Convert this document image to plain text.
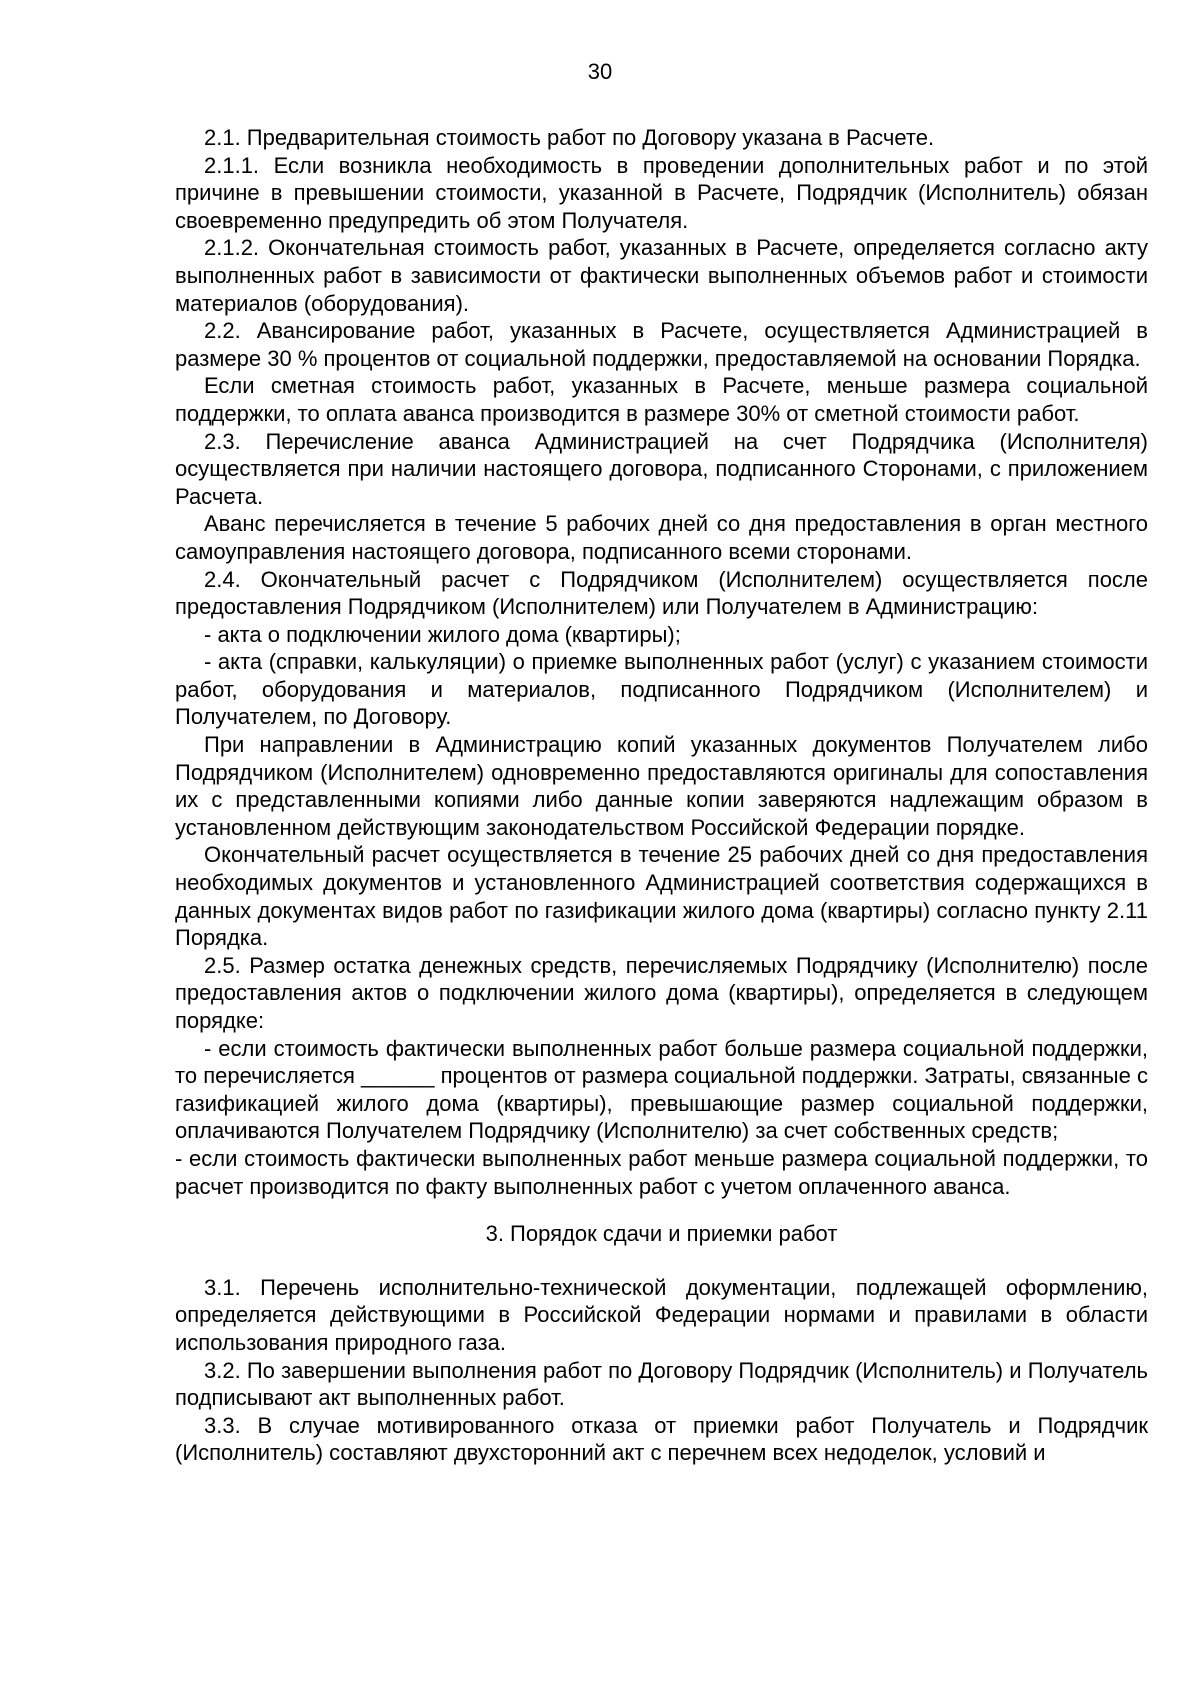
30

2.1. Предварительная стоимость работ по Договору указана в Расчете.

2.1.1. Если возникла необходимость в проведении дополнительных работ и по этой причине в превышении стоимости, указанной в Расчете, Подрядчик (Исполнитель) обязан своевременно предупредить об этом Получателя.

2.1.2. Окончательная стоимость работ, указанных в Расчете, определяется согласно акту выполненных работ в зависимости от фактически выполненных объемов работ и стоимости материалов (оборудования).

2.2. Авансирование работ, указанных в Расчете, осуществляется Администрацией в размере 30 % процентов от социальной поддержки, предоставляемой на основании Порядка.

Если сметная стоимость работ, указанных в Расчете, меньше размера социальной поддержки, то оплата аванса производится в размере 30% от сметной стоимости работ.

2.3. Перечисление аванса Администрацией на счет Подрядчика (Исполнителя) осуществляется при наличии настоящего договора, подписанного Сторонами, с приложением Расчета.

Аванс перечисляется в течение 5 рабочих дней со дня предоставления в орган местного самоуправления настоящего договора, подписанного всеми сторонами.

2.4. Окончательный расчет с Подрядчиком (Исполнителем) осуществляется после предоставления Подрядчиком (Исполнителем) или Получателем в Администрацию:

- акта о подключении жилого дома (квартиры);

- акта (справки, калькуляции) о приемке выполненных работ (услуг) с указанием стоимости работ, оборудования и материалов, подписанного Подрядчиком (Исполнителем) и Получателем, по Договору.

При направлении в Администрацию копий указанных документов Получателем либо Подрядчиком (Исполнителем) одновременно предоставляются оригиналы для сопоставления их с представленными копиями либо данные копии заверяются надлежащим образом в установленном действующим законодательством Российской Федерации порядке.

Окончательный расчет осуществляется в течение 25 рабочих дней со дня предоставления необходимых документов и установленного Администрацией соответствия содержащихся в данных документах видов работ по газификации жилого дома (квартиры) согласно пункту 2.11 Порядка.

2.5. Размер остатка денежных средств, перечисляемых Подрядчику (Исполнителю) после предоставления актов о подключении жилого дома (квартиры), определяется в следующем порядке:

- если стоимость фактически выполненных работ больше размера социальной поддержки, то перечисляется ______ процентов от размера социальной поддержки. Затраты, связанные с газификацией жилого дома (квартиры), превышающие размер социальной поддержки, оплачиваются Получателем Подрядчику (Исполнителю) за счет собственных средств;

- если стоимость фактически выполненных работ меньше размера социальной поддержки, то расчет производится по факту выполненных работ с учетом оплаченного аванса.

3. Порядок сдачи и приемки работ

3.1. Перечень исполнительно-технической документации, подлежащей оформлению, определяется действующими в Российской Федерации нормами и правилами в области использования природного газа.

3.2. По завершении выполнения работ по Договору Подрядчик (Исполнитель) и Получатель подписывают акт выполненных работ.

3.3. В случае мотивированного отказа от приемки работ Получатель и Подрядчик (Исполнитель) составляют двухсторонний акт с перечнем всех недоделок, условий и
